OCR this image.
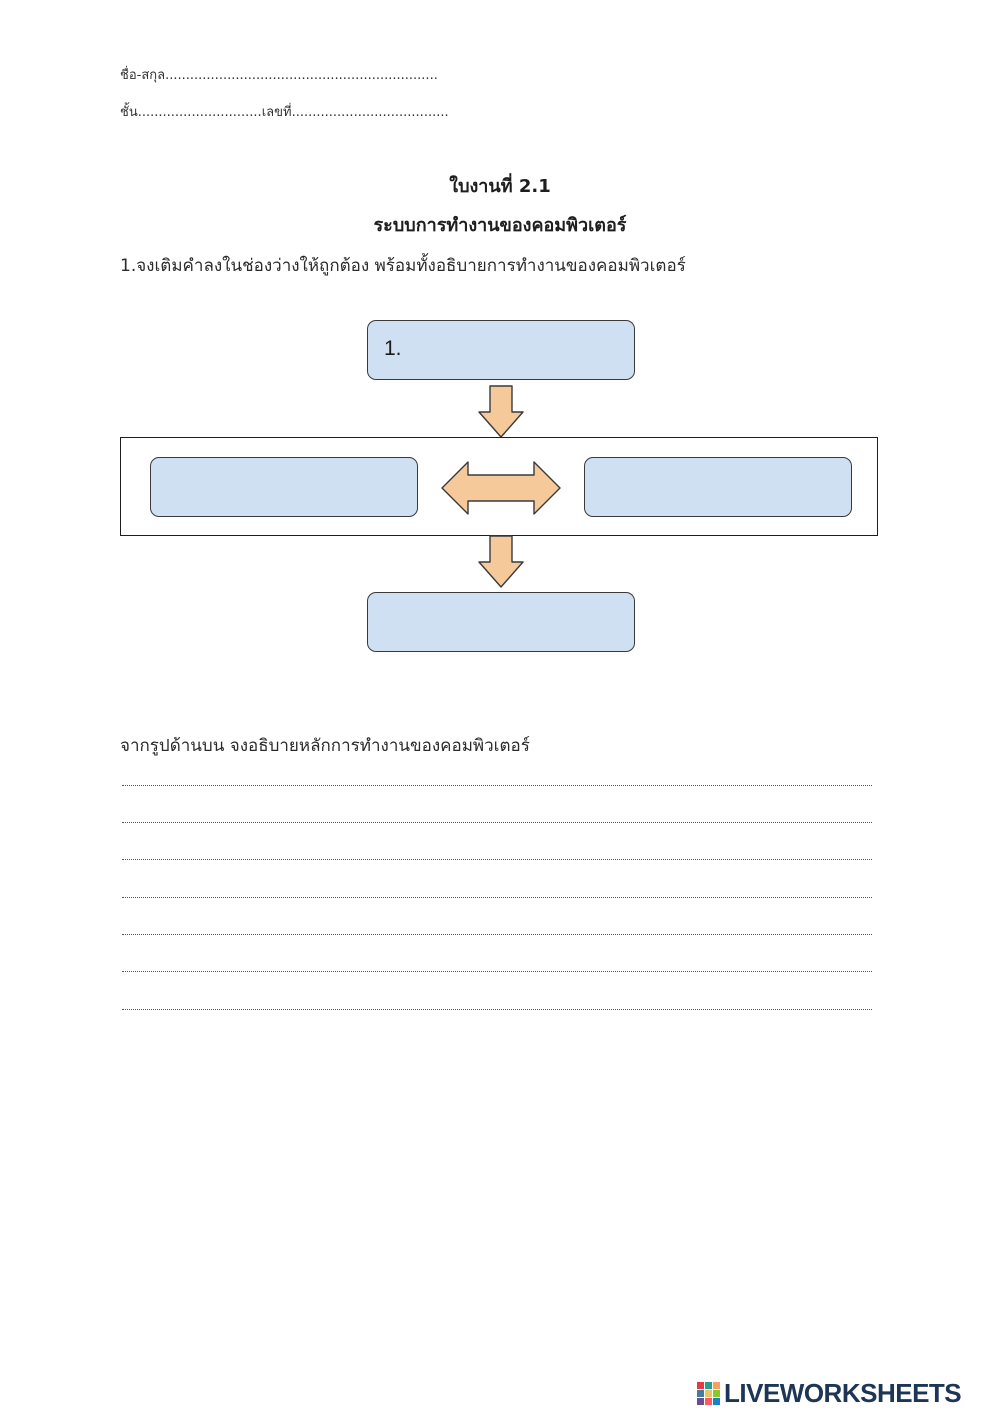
ชื่อ-สกุล..................................................................
ชั้น..............................เลขที่......................................
ใบงานที่ 2.1
ระบบการทำงานของคอมพิวเตอร์
1.จงเติมคำลงในช่องว่างให้ถูกต้อง พร้อมทั้งอธิบายการทำงานของคอมพิวเตอร์
1.
จากรูปด้านบน จงอธิบายหลักการทำงานของคอมพิวเตอร์
LIVEWORKSHEETS
